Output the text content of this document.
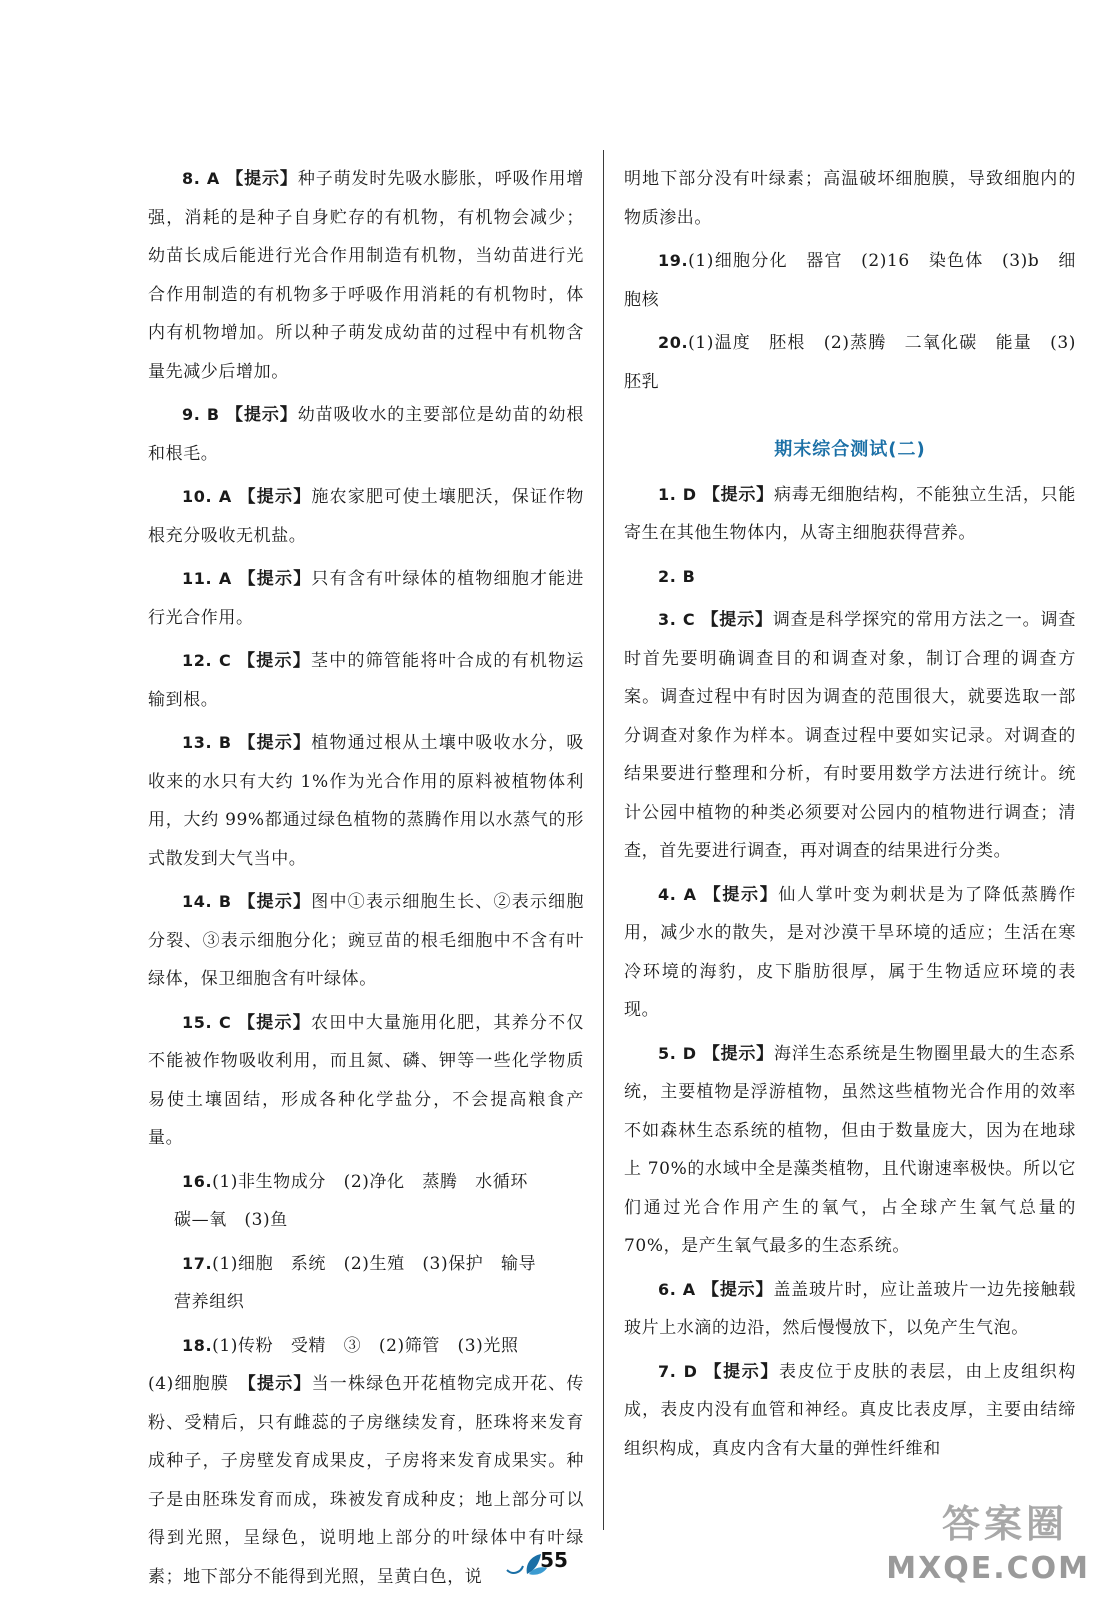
8. A 【提示】种子萌发时先吸水膨胀，呼吸作用增强，消耗的是种子自身贮存的有机物，有机物会减少；幼苗长成后能进行光合作用制造有机物，当幼苗进行光合作用制造的有机物多于呼吸作用消耗的有机物时，体内有机物增加。所以种子萌发成幼苗的过程中有机物含量先减少后增加。

9. B 【提示】幼苗吸收水的主要部位是幼苗的幼根和根毛。

10. A 【提示】施农家肥可使土壤肥沃，保证作物根充分吸收无机盐。

11. A 【提示】只有含有叶绿体的植物细胞才能进行光合作用。

12. C 【提示】茎中的筛管能将叶合成的有机物运输到根。

13. B 【提示】植物通过根从土壤中吸收水分，吸收来的水只有大约 1%作为光合作用的原料被植物体利用，大约 99%都通过绿色植物的蒸腾作用以水蒸气的形式散发到大气当中。

14. B 【提示】图中①表示细胞生长、②表示细胞分裂、③表示细胞分化；豌豆苗的根毛细胞中不含有叶绿体，保卫细胞含有叶绿体。

15. C 【提示】农田中大量施用化肥，其养分不仅不能被作物吸收利用，而且氮、磷、钾等一些化学物质易使土壤固结，形成各种化学盐分，不会提高粮食产量。

16.(1)非生物成分　(2)净化　蒸腾　水循环

碳—氧　(3)鱼

17.(1)细胞　系统　(2)生殖　(3)保护　输导

营养组织

18.(1)传粉　受精　③　(2)筛管　(3)光照

(4)细胞膜　【提示】当一株绿色开花植物完成开花、传粉、受精后，只有雌蕊的子房继续发育，胚珠将来发育成种子，子房壁发育成果皮，子房将来发育成果实。种子是由胚珠发育而成，珠被发育成种皮；地上部分可以得到光照，呈绿色，说明地上部分的叶绿体中有叶绿素；地下部分不能得到光照，呈黄白色，说

明地下部分没有叶绿素；高温破坏细胞膜，导致细胞内的物质渗出。

19.(1)细胞分化　器官　(2)16　染色体　(3)b　细胞核

20.(1)温度　胚根　(2)蒸腾　二氧化碳　能量　(3)胚乳

期末综合测试(二)

1. D 【提示】病毒无细胞结构，不能独立生活，只能寄生在其他生物体内，从寄主细胞获得营养。

2. B

3. C 【提示】调查是科学探究的常用方法之一。调查时首先要明确调查目的和调查对象，制订合理的调查方案。调查过程中有时因为调查的范围很大，就要选取一部分调查对象作为样本。调查过程中要如实记录。对调查的结果要进行整理和分析，有时要用数学方法进行统计。统计公园中植物的种类必须要对公园内的植物进行调查；清查，首先要进行调查，再对调查的结果进行分类。

4. A 【提示】仙人掌叶变为刺状是为了降低蒸腾作用，减少水的散失，是对沙漠干旱环境的适应；生活在寒冷环境的海豹，皮下脂肪很厚，属于生物适应环境的表现。

5. D 【提示】海洋生态系统是生物圈里最大的生态系统，主要植物是浮游植物，虽然这些植物光合作用的效率不如森林生态系统的植物，但由于数量庞大，因为在地球上 70%的水域中全是藻类植物，且代谢速率极快。所以它们通过光合作用产生的氧气，占全球产生氧气总量的 70%，是产生氧气最多的生态系统。

6. A 【提示】盖盖玻片时，应让盖玻片一边先接触载玻片上水滴的边沿，然后慢慢放下，以免产生气泡。

7. D 【提示】表皮位于皮肤的表层，由上皮组织构成，表皮内没有血管和神经。真皮比表皮厚，主要由结缔组织构成，真皮内含有大量的弹性纤维和

55
答案圈
MXQE.COM
